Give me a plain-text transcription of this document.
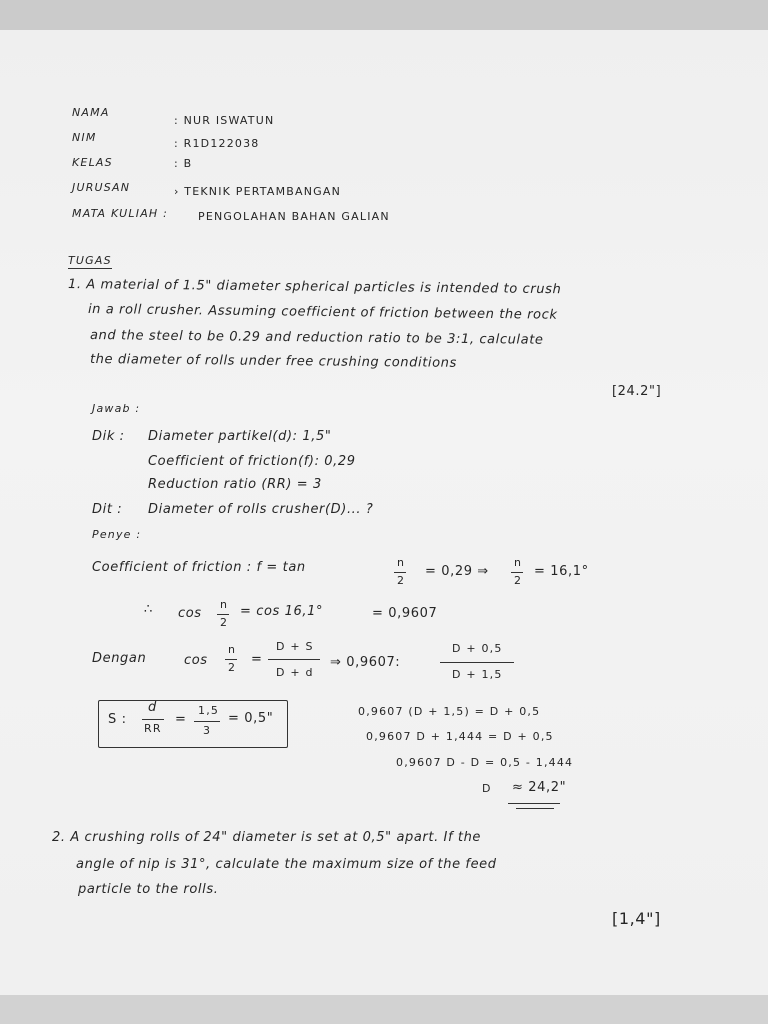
NAMA
: NUR ISWATUN
NIM	: R1D122038
KELAS	: B
JURUSAN	› TEKNIK PERTAMBANGAN
MATA KULIAH :	PENGOLAHAN BAHAN GALIAN
TUGAS
1. A material of 1.5" diameter spherical particles is intended to crush
in a roll crusher. Assuming coefficient of friction between the rock
and the steel to be 0.29 and reduction ratio to be 3:1, calculate
the diameter of rolls under free crushing conditions
[24.2"]
Jawab :
Dik : Diameter partikel(d): 1,5"
Coefficient of friction(f): 0,29
Reduction ratio (RR) = 3
Dit : Diameter of rolls crusher(D)... ?
Penye :
Coefficient of friction : f = tan	n
2
= 0,29 ⇒
n
2
= 16,1°
∴ cos
n
2
= cos 16,1°	= 0,9607
Dengan	cos
n
2
=
D + S
D + d
⇒ 0,9607:
D + 0,5
D + 1,5
S :
d
RR
=
1,5
3
= 0,5"	0,9607 (D + 1,5) = D + 0,5
0,9607 D + 1,444 = D + 0,5
0,9607 D - D = 0,5 - 1,444
D ≈ 24,2"
2. A crushing rolls of 24" diameter is set at 0,5" apart. If the
angle of nip is 31°, calculate the maximum size of the feed
particle to the rolls.
[1,4"]
